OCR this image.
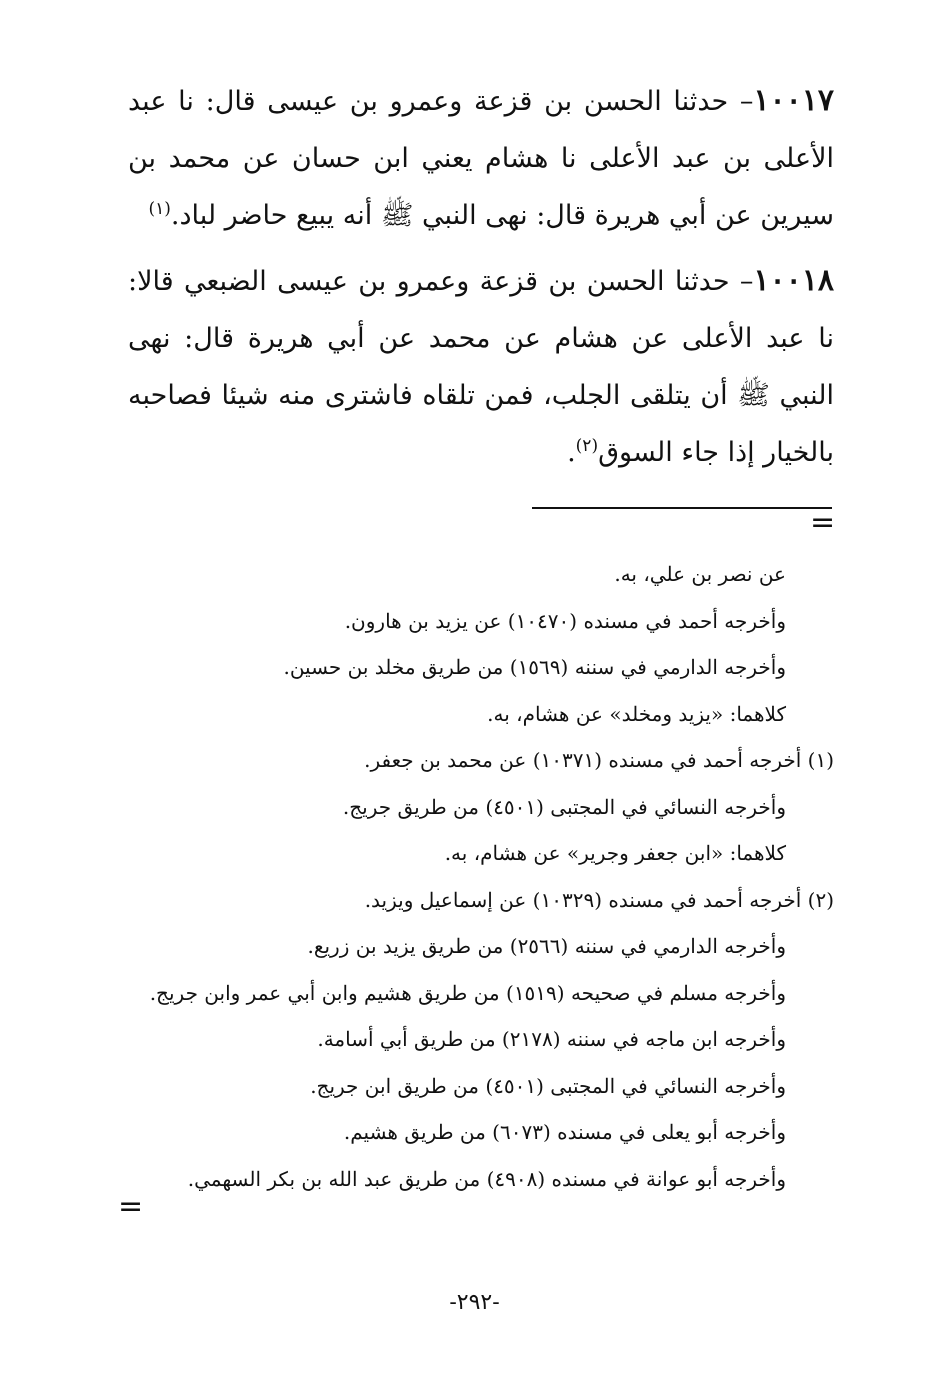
١٠٠١٧– حدثنا الحسن بن قزعة وعمرو بن عيسى قال: نا عبد الأعلى بن عبد الأعلى نا هشام يعني ابن حسان عن محمد بن سيرين عن أبي هريرة قال: نهى النبي ﷺ أنه يبيع حاضر لباد.$^{(١)}$

١٠٠١٨– حدثنا الحسن بن قزعة وعمرو بن عيسى الضبعي قالا: نا عبد الأعلى عن هشام عن محمد عن أبي هريرة قال: نهى النبي ﷺ أن يتلقى الجلب، فمن تلقاه فاشترى منه شيئا فصاحبه بالخيار إذا جاء السوق$^{(٢)}$.

=

عن نصر بن علي، به.

وأخرجه أحمد في مسنده (١٠٤٧٠) عن يزيد بن هارون.

وأخرجه الدارمي في سننه (١٥٦٩) من طريق مخلد بن حسين.

كلاهما: «يزيد ومخلد» عن هشام، به.

(١) أخرجه أحمد في مسنده (١٠٣٧١) عن محمد بن جعفر.

وأخرجه النسائي في المجتبى (٤٥٠١) من طريق جريج.

كلاهما: «ابن جعفر وجرير» عن هشام، به.

(٢) أخرجه أحمد في مسنده (١٠٣٢٩) عن إسماعيل ويزيد.

وأخرجه الدارمي في سننه (٢٥٦٦) من طريق يزيد بن زريع.

وأخرجه مسلم في صحيحه (١٥١٩) من طريق هشيم وابن أبي عمر وابن جريج.

وأخرجه ابن ماجه في سننه (٢١٧٨) من طريق أبي أسامة.

وأخرجه النسائي في المجتبى (٤٥٠١) من طريق ابن جريج.

وأخرجه أبو يعلى في مسنده (٦٠٧٣) من طريق هشيم.

وأخرجه أبو عوانة في مسنده (٤٩٠٨) من طريق عبد الله بن بكر السهمي.

=
-٢٩٢-
